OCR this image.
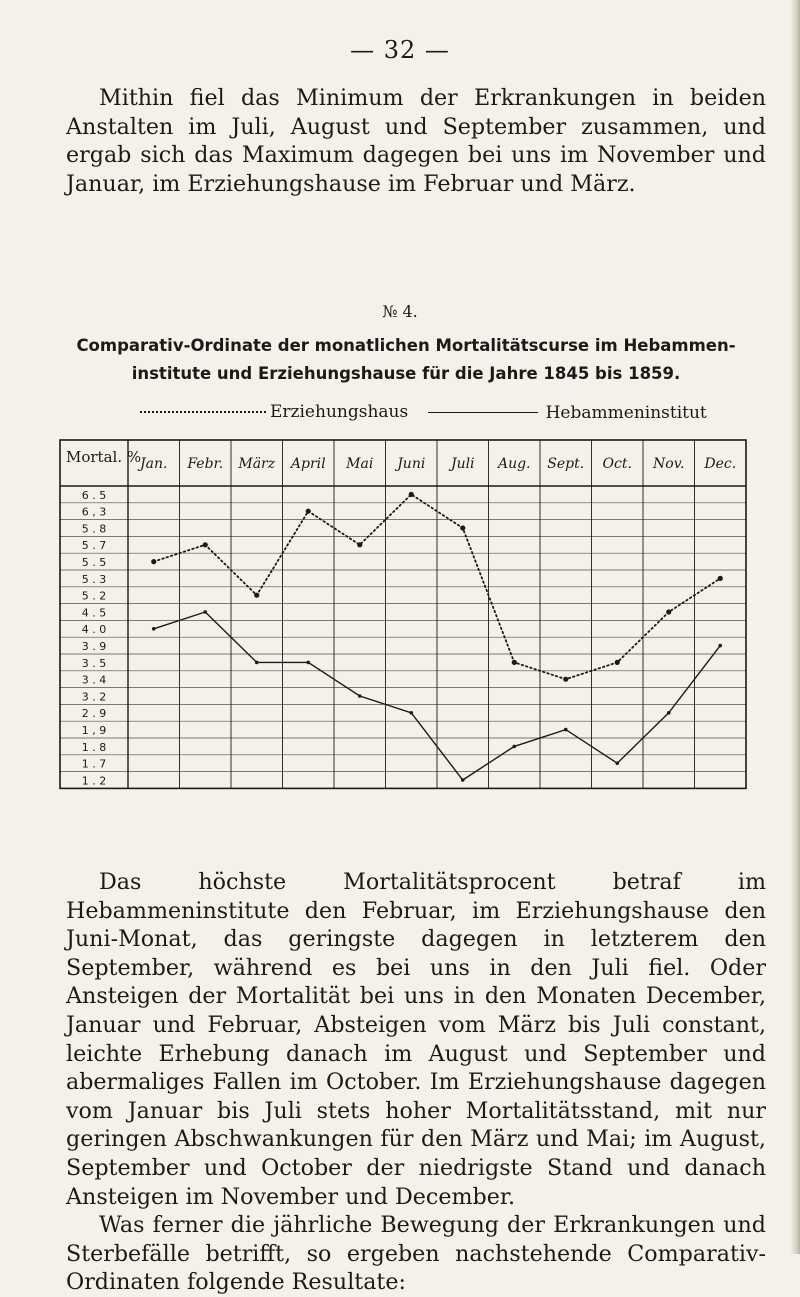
— 32 —

Mithin fiel das Minimum der Erkrankungen in beiden Anstalten im Juli, August und September zusammen, und ergab sich das Maximum dagegen bei uns im November und Januar, im Erziehungshause im Februar und März.

№ 4.
Comparativ-Ordinate der monatlichen Mortalitätscurse im Hebammen-institute und Erziehungshause für die Jahre 1845 bis 1859.
Erziehungshaus
	Hebammeninstitut
Mortal. %
Jan. Febr. März April Mai Juni Juli Aug. Sept. Oct. Nov. Dec.
6 . 5
6 , 3
5 . 8
5 . 7
5 . 5
5 . 3
5 . 2
4 . 5
4 . 0
3 . 9
3 . 5
3 . 4
3 . 2
2 . 9
1 , 9
1 . 8
1 . 7
1 . 2
Das höchste Mortalitätsprocent betraf im Hebammeninstitute den Februar, im Erziehungshause den Juni-Monat, das geringste dagegen in letzterem den September, während es bei uns in den Juli fiel. Oder Ansteigen der Mortalität bei uns in den Monaten December, Januar und Februar, Absteigen vom März bis Juli constant, leichte Erhebung danach im August und September und abermaliges Fallen im October. Im Erziehungshause dagegen vom Januar bis Juli stets hoher Mortalitätsstand, mit nur geringen Abschwankungen für den März und Mai; im August, September und October der niedrigste Stand und danach Ansteigen im November und December.
Was ferner die jährliche Bewegung der Erkrankungen und Sterbefälle betrifft, so ergeben nachstehende Comparativ-Ordinaten folgende Resultate:
